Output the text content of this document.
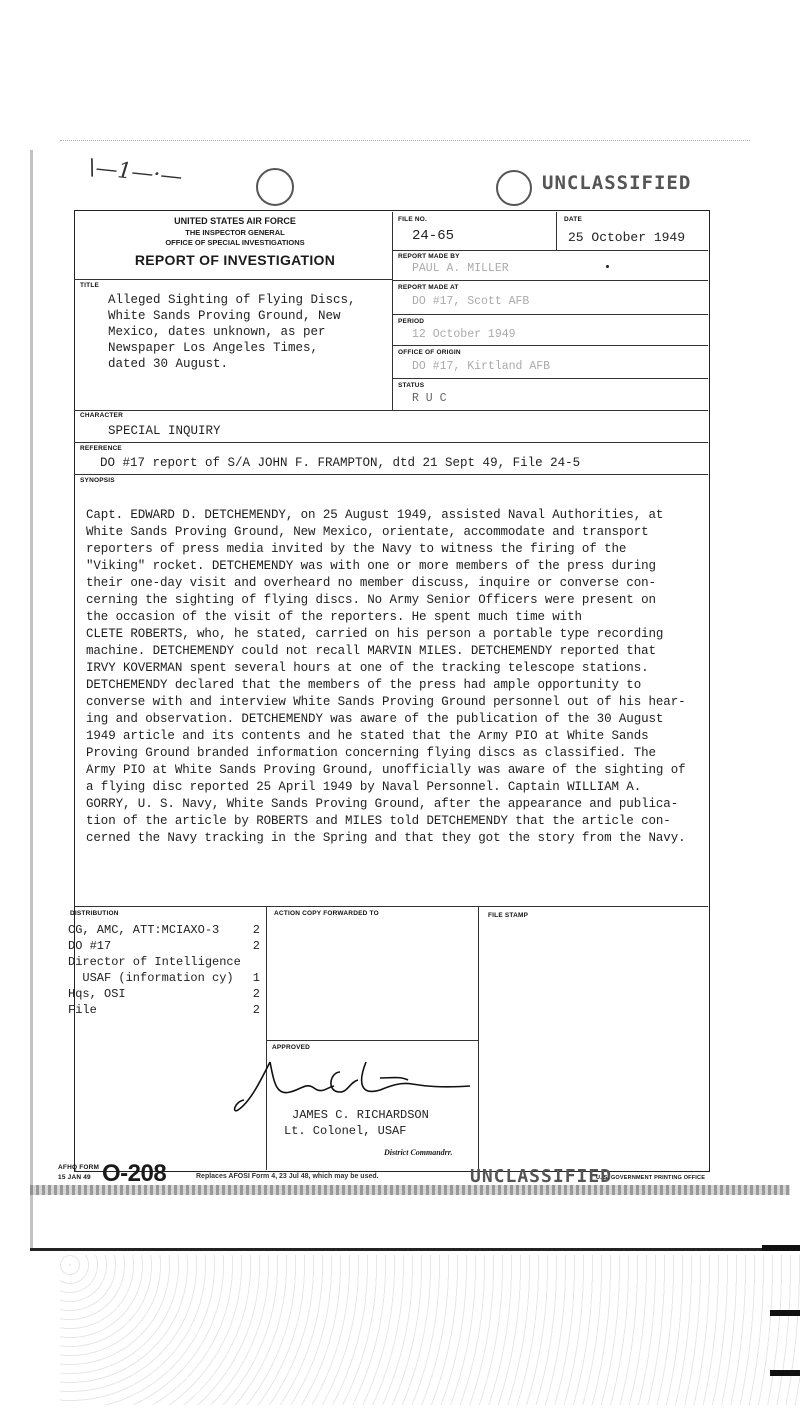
\—1—·—	UNCLASSIFIED
UNITED STATES AIR FORCE
THE INSPECTOR GENERAL
OFFICE OF SPECIAL INVESTIGATIONS
REPORT OF INVESTIGATION
FILE NO.
24-65
DATE
25 October 1949
REPORT MADE BY
PAUL A. MILLER
REPORT MADE AT
DO #17, Scott AFB
PERIOD
12 October 1949
OFFICE OF ORIGIN
DO #17, Kirtland AFB
STATUS
R U C
TITLE
Alleged Sighting of Flying Discs,
White Sands Proving Ground, New
Mexico, dates unknown, as per
Newspaper Los Angeles Times,
dated 30 August.
CHARACTER
SPECIAL INQUIRY
REFERENCE
DO #17 report of S/A JOHN F. FRAMPTON, dtd 21 Sept 49, File 24-5
SYNOPSIS
Capt. EDWARD D. DETCHEMENDY, on 25 August 1949, assisted Naval Authorities, at
White Sands Proving Ground, New Mexico, orientate, accommodate and transport
reporters of press media invited by the Navy to witness the firing of the
"Viking" rocket. DETCHEMENDY was with one or more members of the press during
their one-day visit and overheard no member discuss, inquire or converse con-
cerning the sighting of flying discs. No Army Senior Officers were present on
the occasion of the visit of the reporters. He spent much time with
CLETE ROBERTS, who, he stated, carried on his person a portable type recording
machine. DETCHEMENDY could not recall MARVIN MILES. DETCHEMENDY reported that
IRVY KOVERMAN spent several hours at one of the tracking telescope stations.
DETCHEMENDY declared that the members of the press had ample opportunity to
converse with and interview White Sands Proving Ground personnel out of his hear-
ing and observation. DETCHEMENDY was aware of the publication of the 30 August
1949 article and its contents and he stated that the Army PIO at White Sands
Proving Ground branded information concerning flying discs as classified. The
Army PIO at White Sands Proving Ground, unofficially was aware of the sighting of
a flying disc reported 25 April 1949 by Naval Personnel. Captain WILLIAM A.
GORRY, U. S. Navy, White Sands Proving Ground, after the appearance and publica-
tion of the article by ROBERTS and MILES told DETCHEMENDY that the article con-
cerned the Navy tracking in the Spring and that they got the story from the Navy.
DISTRIBUTION
CG, AMC, ATT:MCIAXO-3	2
DO #17	2
Director of Intelligence
USAF (information cy) 1
Hqs, OSI	2
File	2
ACTION COPY FORWARDED TO	FILE STAMP
APPROVED
JAMES C. RICHARDSON
Lt. Colonel, USAF
District Commandrr.
AFHQ FORM
15 JAN 49 O-208	Replaces AFOSI Form 4, 23 Jul 48, which may be used.	UNCLASSIFIED
U. S. GOVERNMENT PRINTING OFFICE
